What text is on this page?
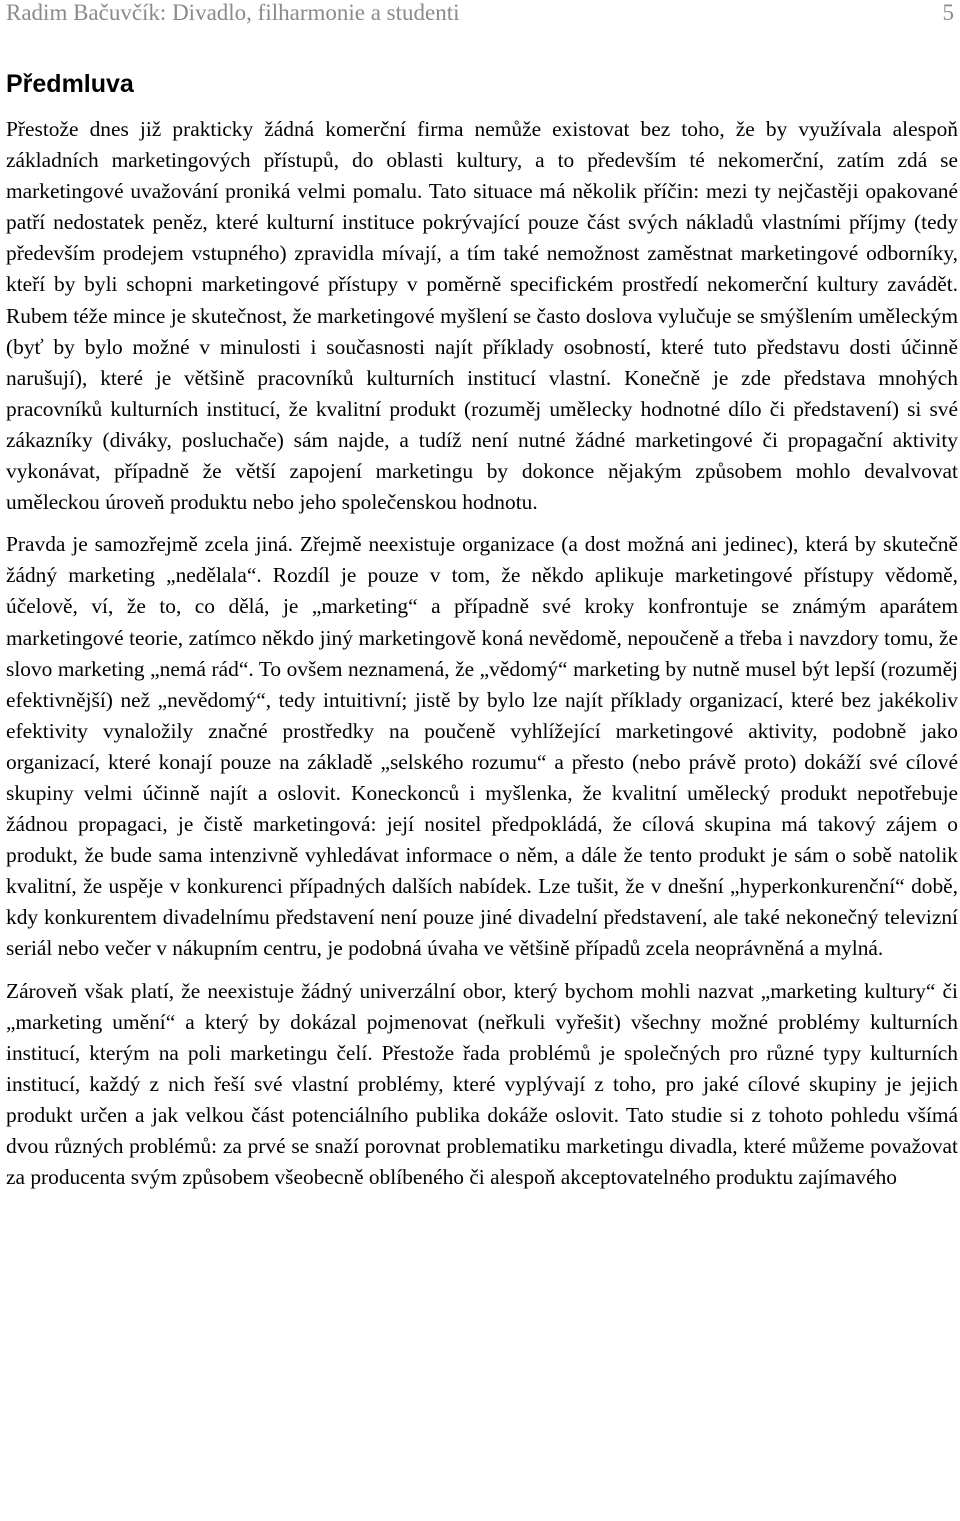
Radim Bačuvčík: Divadlo, filharmonie a studenti	5
Předmluva

Přestože dnes již prakticky žádná komerční firma nemůže existovat bez toho, že by využívala alespoň základních marketingových přístupů, do oblasti kultury, a to především té nekomerční, zatím zdá se marketingové uvažování proniká velmi pomalu. Tato situace má několik příčin: mezi ty nejčastěji opakované patří nedostatek peněz, které kulturní instituce pokrývající pouze část svých nákladů vlastními příjmy (tedy především prodejem vstupného) zpravidla mívají, a tím také nemožnost zaměstnat marketingové odborníky, kteří by byli schopni marketingové přístupy v poměrně specifickém prostředí nekomerční kultury zavádět. Rubem téže mince je skutečnost, že marketingové myšlení se často doslova vylučuje se smýšlením uměleckým (byť by bylo možné v minulosti i současnosti najít příklady osobností, které tuto představu dosti účinně narušují), které je většině pracovníků kulturních institucí vlastní. Konečně je zde představa mnohých pracovníků kulturních institucí, že kvalitní produkt (rozuměj umělecky hodnotné dílo či představení) si své zákazníky (diváky, posluchače) sám najde, a tudíž není nutné žádné marketingové či propagační aktivity vykonávat, případně že větší zapojení marketingu by dokonce nějakým způsobem mohlo devalvovat uměleckou úroveň produktu nebo jeho společenskou hodnotu.

Pravda je samozřejmě zcela jiná. Zřejmě neexistuje organizace (a dost možná ani jedinec), která by skutečně žádný marketing „nedělala“. Rozdíl je pouze v tom, že někdo aplikuje marketingové přístupy vědomě, účelově, ví, že to, co dělá, je „marketing“ a případně své kroky konfrontuje se známým aparátem marketingové teorie, zatímco někdo jiný marketingově koná nevědomě, nepoučeně a třeba i navzdory tomu, že slovo marketing „nemá rád“. To ovšem neznamená, že „vědomý“ marketing by nutně musel být lepší (rozuměj efektivnější) než „nevědomý“, tedy intuitivní; jistě by bylo lze najít příklady organizací, které bez jakékoliv efektivity vynaložily značné prostředky na poučeně vyhlížející marketingové aktivity, podobně jako organizací, které konají pouze na základě „selského rozumu“ a přesto (nebo právě proto) dokáží své cílové skupiny velmi účinně najít a oslovit. Koneckonců i myšlenka, že kvalitní umělecký produkt nepotřebuje žádnou propagaci, je čistě marketingová: její nositel předpokládá, že cílová skupina má takový zájem o produkt, že bude sama intenzivně vyhledávat informace o něm, a dále že tento produkt je sám o sobě natolik kvalitní, že uspěje v konkurenci případných dalších nabídek. Lze tušit, že v dnešní „hyperkonkurenční“ době, kdy konkurentem divadelnímu představení není pouze jiné divadelní představení, ale také nekonečný televizní seriál nebo večer v nákupním centru, je podobná úvaha ve většině případů zcela neoprávněná a mylná.

Zároveň však platí, že neexistuje žádný univerzální obor, který bychom mohli nazvat „marketing kultury“ či „marketing umění“ a který by dokázal pojmenovat (neřkuli vyřešit) všechny možné problémy kulturních institucí, kterým na poli marketingu čelí. Přestože řada problémů je společných pro různé typy kulturních institucí, každý z nich řeší své vlastní problémy, které vyplývají z toho, pro jaké cílové skupiny je jejich produkt určen a jak velkou část potenciálního publika dokáže oslovit. Tato studie si z tohoto pohledu všímá dvou různých problémů: za prvé se snaží porovnat problematiku marketingu divadla, které můžeme považovat za producenta svým způsobem všeobecně oblíbeného či alespoň akceptovatelného produktu zajímavého
